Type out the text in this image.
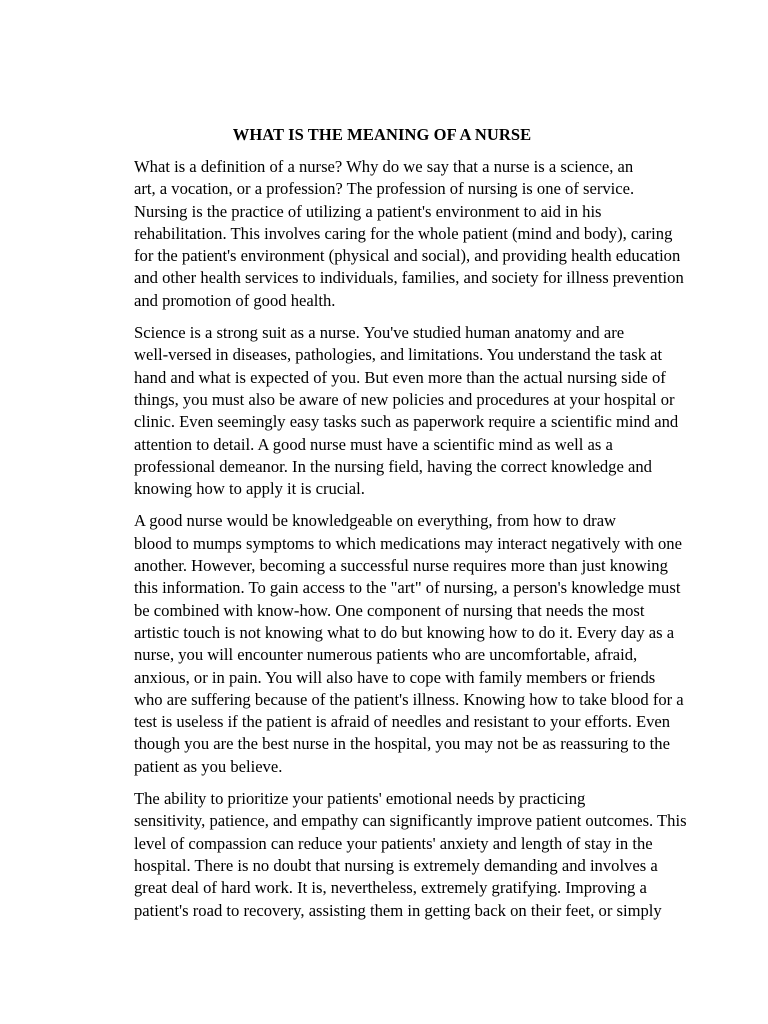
WHAT IS THE MEANING OF A NURSE

What is a definition of a nurse? Why do we say that a nurse is a science, an
art, a vocation, or a profession? The profession of nursing is one of service.
Nursing is the practice of utilizing a patient's environment to aid in his
rehabilitation. This involves caring for the whole patient (mind and body), caring
for the patient's environment (physical and social), and providing health education
and other health services to individuals, families, and society for illness prevention
and promotion of good health.

Science is a strong suit as a nurse. You've studied human anatomy and are
well-versed in diseases, pathologies, and limitations. You understand the task at
hand and what is expected of you. But even more than the actual nursing side of
things, you must also be aware of new policies and procedures at your hospital or
clinic. Even seemingly easy tasks such as paperwork require a scientific mind and
attention to detail. A good nurse must have a scientific mind as well as a
professional demeanor. In the nursing field, having the correct knowledge and
knowing how to apply it is crucial.

A good nurse would be knowledgeable on everything, from how to draw
blood to mumps symptoms to which medications may interact negatively with one
another. However, becoming a successful nurse requires more than just knowing
this information. To gain access to the "art" of nursing, a person's knowledge must
be combined with know-how. One component of nursing that needs the most
artistic touch is not knowing what to do but knowing how to do it. Every day as a
nurse, you will encounter numerous patients who are uncomfortable, afraid,
anxious, or in pain. You will also have to cope with family members or friends
who are suffering because of the patient's illness. Knowing how to take blood for a
test is useless if the patient is afraid of needles and resistant to your efforts. Even
though you are the best nurse in the hospital, you may not be as reassuring to the
patient as you believe.

The ability to prioritize your patients' emotional needs by practicing
sensitivity, patience, and empathy can significantly improve patient outcomes. This
level of compassion can reduce your patients' anxiety and length of stay in the
hospital. There is no doubt that nursing is extremely demanding and involves a
great deal of hard work. It is, nevertheless, extremely gratifying. Improving a
patient's road to recovery, assisting them in getting back on their feet, or simply
